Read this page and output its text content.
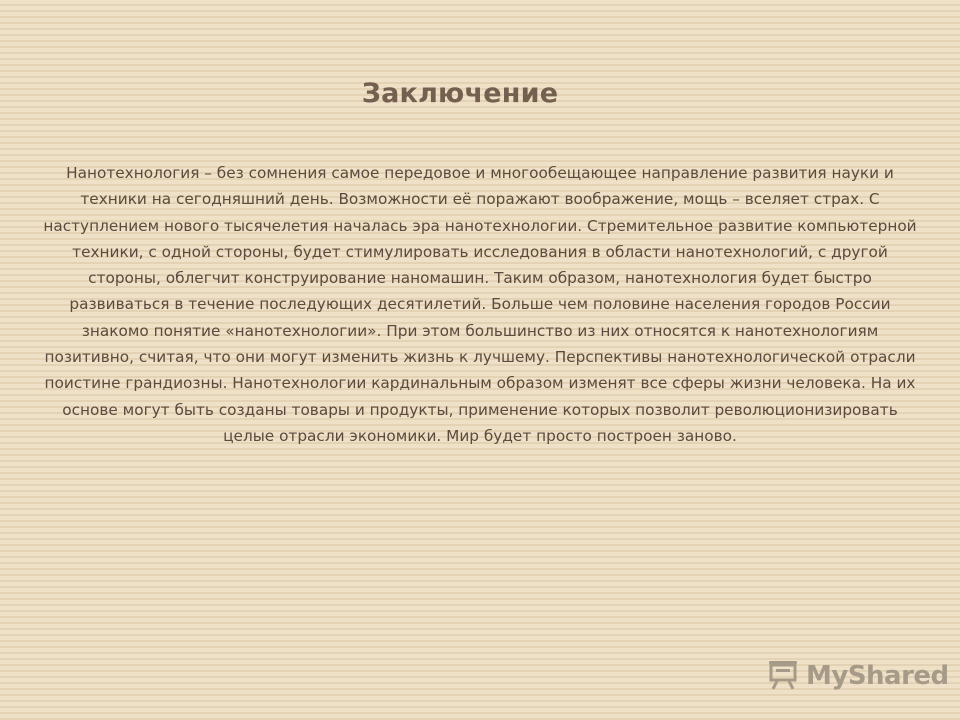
Заключение

Нанотехнология – без сомнения самое передовое и многообещающее направление развития науки и техники на сегодняшний день. Возможности её поражают воображение, мощь – вселяет страх. С наступлением нового тысячелетия началась эра нанотехнологии. Стремительное развитие компьютерной техники, с одной стороны, будет стимулировать исследования в области нанотехнологий, с другой стороны, облегчит конструирование наномашин. Таким образом, нанотехнология будет быстро развиваться в течение последующих десятилетий. Больше чем половине населения городов России знакомо понятие «нанотехнологии». При этом большинство из них относятся к нанотехнологиям позитивно, считая, что они могут изменить жизнь к лучшему. Перспективы нанотехнологической отрасли поистине грандиозны. Нанотехнологии кардинальным образом изменят все сферы жизни человека. На их основе могут быть созданы товары и продукты, применение которых позволит революционизировать целые отрасли экономики. Мир будет просто построен заново.

MyShared
